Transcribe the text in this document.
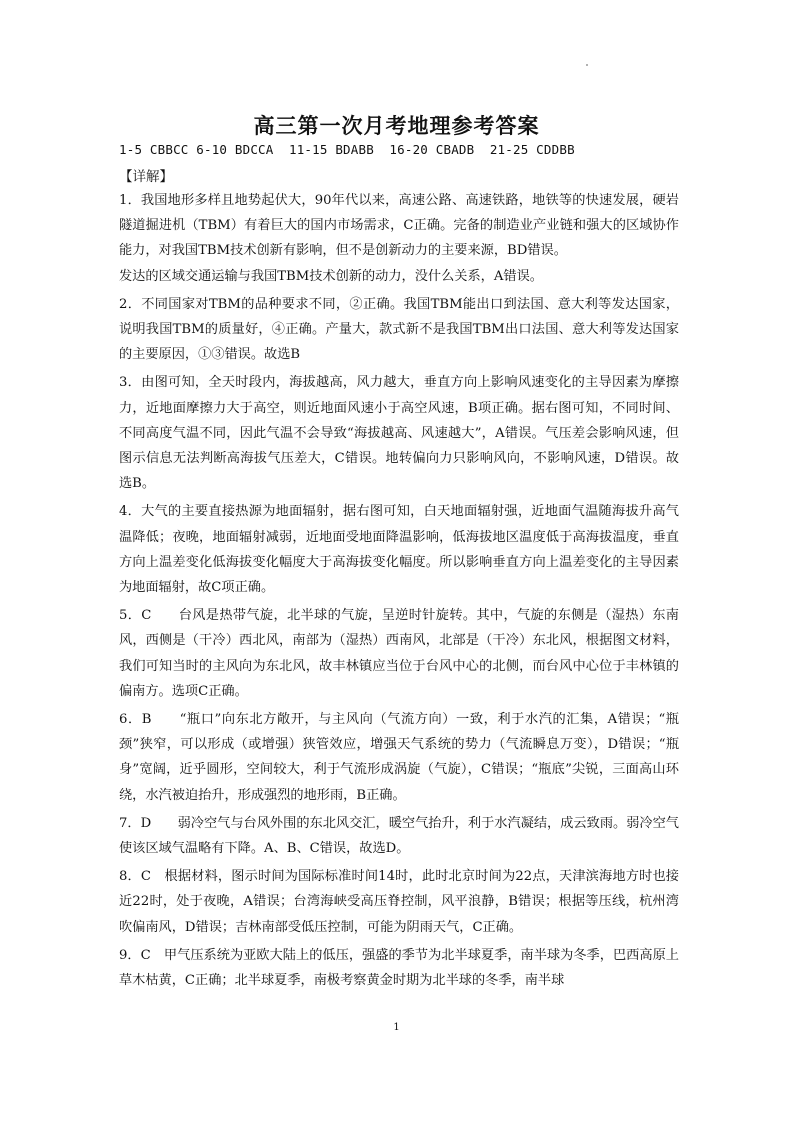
高三第一次月考地理参考答案
1-5 CBBCC 6-10 BDCCA  11-15 BDABB  16-20 CBADB  21-25 CDDBB
【详解】

1．我国地形多样且地势起伏大，90年代以来，高速公路、高速铁路，地铁等的快速发展，硬岩隧道掘进机（TBM）有着巨大的国内市场需求，C正确。完备的制造业产业链和强大的区域协作能力，对我国TBM技术创新有影响，但不是创新动力的主要来源，BD错误。

发达的区域交通运输与我国TBM技术创新的动力，没什么关系，A错误。

2．不同国家对TBM的品种要求不同，②正确。我国TBM能出口到法国、意大利等发达国家，说明我国TBM的质量好，④正确。产量大，款式新不是我国TBM出口法国、意大利等发达国家的主要原因，①③错误。故选B

3．由图可知，全天时段内，海拔越高，风力越大，垂直方向上影响风速变化的主导因素为摩擦力，近地面摩擦力大于高空，则近地面风速小于高空风速，B项正确。据右图可知，不同时间、不同高度气温不同，因此气温不会导致“海拔越高、风速越大”，A错误。气压差会影响风速，但图示信息无法判断高海拔气压差大，C错误。地转偏向力只影响风向，不影响风速，D错误。故选B。

4．大气的主要直接热源为地面辐射，据右图可知，白天地面辐射强，近地面气温随海拔升高气温降低；夜晚，地面辐射减弱，近地面受地面降温影响，低海拔地区温度低于高海拔温度，垂直方向上温差变化低海拔变化幅度大于高海拔变化幅度。所以影响垂直方向上温差变化的主导因素为地面辐射，故C项正确。

5．C　　台风是热带气旋，北半球的气旋，呈逆时针旋转。其中，气旋的东侧是（湿热）东南风，西侧是（干冷）西北风，南部为（湿热）西南风，北部是（干冷）东北风，根据图文材料，我们可知当时的主风向为东北风，故丰林镇应当位于台风中心的北侧，而台风中心位于丰林镇的偏南方。选项C正确。

6．B　　“瓶口”向东北方敞开，与主风向（气流方向）一致，利于水汽的汇集，A错误；“瓶颈”狭窄，可以形成（或增强）狭管效应，增强天气系统的势力（气流瞬息万变），D错误；“瓶身”宽阔，近乎圆形，空间较大，利于气流形成涡旋（气旋），C错误；“瓶底”尖锐，三面高山环绕，水汽被迫抬升，形成强烈的地形雨，B正确。

7．D　　弱冷空气与台风外围的东北风交汇，暖空气抬升，利于水汽凝结，成云致雨。弱冷空气使该区域气温略有下降。A、B、C错误，故选D。

8．C　根据材料，图示时间为国际标准时间14时，此时北京时间为22点，天津滨海地方时也接近22时，处于夜晚，A错误；台湾海峡受高压脊控制，风平浪静，B错误；根据等压线，杭州湾吹偏南风，D错误；吉林南部受低压控制，可能为阴雨天气，C正确。

9．C　甲气压系统为亚欧大陆上的低压，强盛的季节为北半球夏季，南半球为冬季，巴西高原上草木枯黄，C正确；北半球夏季，南极考察黄金时期为北半球的冬季，南半球

1
